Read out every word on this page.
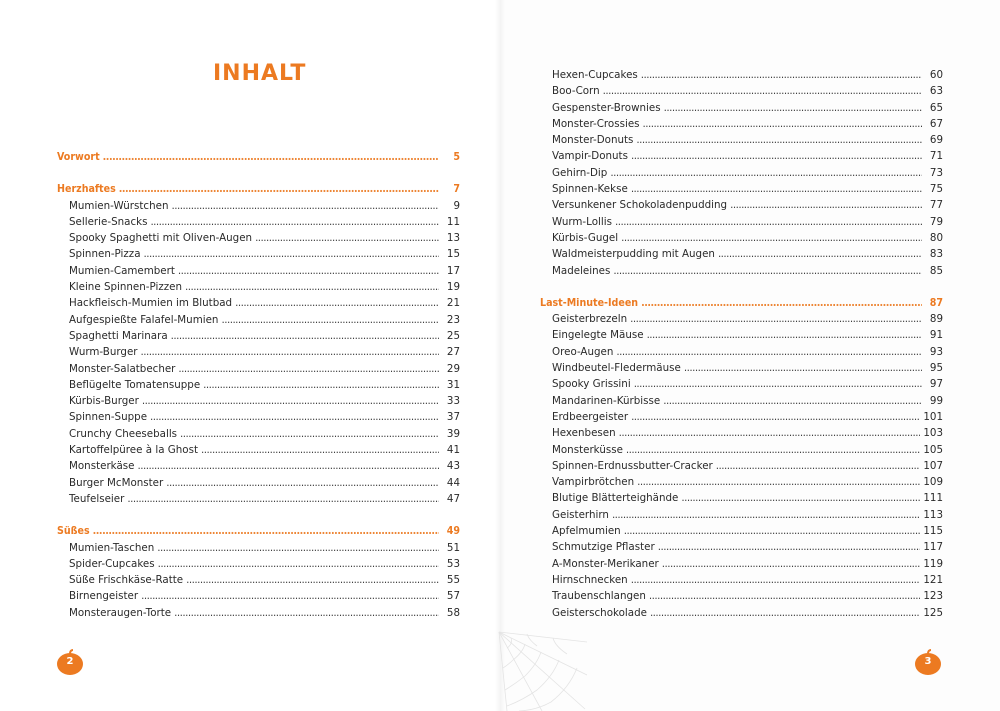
INHALT
Vorwort . . .	5
Herzhaftes . . .	7
Mumien-Würstchen . . .	9
Sellerie-Snacks . . .	11
Spooky Spaghetti mit Oliven-Augen . . .	13
Spinnen-Pizza . . .	15
Mumien-Camembert . . .	17
Kleine Spinnen-Pizzen . . .	19
Hackfleisch-Mumien im Blutbad . . .	21
Aufgespießte Falafel-Mumien . . .	23
Spaghetti Marinara . . .	25
Wurm-Burger . . .	27
Monster-Salatbecher . . .	29
Beflügelte Tomatensuppe . . .	31
Kürbis-Burger . . .	33
Spinnen-Suppe . . .	37
Crunchy Cheeseballs . . .	39
Kartoffelpüree à la Ghost . . .	41
Monsterkäse . . .	43
Burger McMonster . . .	44
Teufelseier . . .	47
Süßes . . .	49
Mumien-Taschen . . .	51
Spider-Cupcakes . . .	53
Süße Frischkäse-Ratte . . .	55
Birnengeister . . .	57
Monsteraugen-Torte . . .	58
Hexen-Cupcakes . . .	60
Boo-Corn . . .	63
Gespenster-Brownies . . .	65
Monster-Crossies . . .	67
Monster-Donuts . . .	69
Vampir-Donuts . . .	71
Gehirn-Dip . . .	73
Spinnen-Kekse . . .	75
Versunkener Schokoladenpudding . . .	77
Wurm-Lollis . . .	79
Kürbis-Gugel . . .	80
Waldmeisterpudding mit Augen . . .	83
Madeleines . . .	85
Last-Minute-Ideen . . .	87
Geisterbrezeln . . .	89
Eingelegte Mäuse . . .	91
Oreo-Augen . . .	93
Windbeutel-Fledermäuse . . .	95
Spooky Grissini . . .	97
Mandarinen-Kürbisse . . .	99
Erdbeergeister . . .	101
Hexenbesen . . .	103
Monsterküsse . . .	105
Spinnen-Erdnussbutter-Cracker . . .	107
Vampirbrötchen . . .	109
Blutige Blätterteighände . . .	111
Geisterhirn . . .	113
Apfelmumien . . .	115
Schmutzige Pflaster . . .	117
A-Monster-Merikaner . . .	119
Hirnschnecken . . .	121
Traubenschlangen . . .	123
Geisterschokolade . . .	125
2	3
